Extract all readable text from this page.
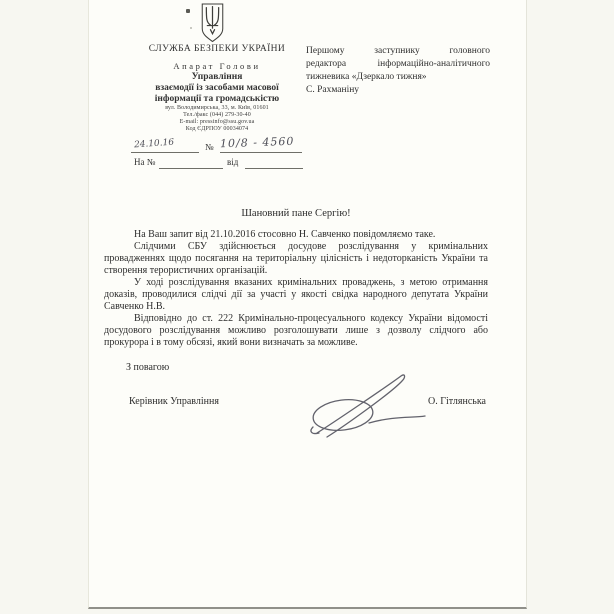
СЛУЖБА БЕЗПЕКИ УКРАЇНИ
Апарат Голови
Управління
взаємодії із засобами масової
інформації та громадськістю
вул. Володимирська, 33, м. Київ, 01601
Тел./факс (044) 279-30-40
E-mail: pressinfo@ssu.gov.ua
Код ЄДРПОУ 00034074
24.10.16	№ 10/8 - 4560
На №	від
Першому заступнику головного
редактора інформаційно-аналітичного
тижневика «Дзеркало тижня»
С. Рахманіну
Шановний пане Сергію!

На Ваш запит від 21.10.2016 стосовно Н. Савченко повідомляємо таке.

Слідчими СБУ здійснюється досудове розслідування у кримінальних провадженнях щодо посягання на територіальну цілісність і недоторканість України та створення терористичних організацій.

У ході розслідування вказаних кримінальних проваджень, з метою отримання доказів, проводилися слідчі дії за участі у якості свідка народного депутата України Савченко Н.В.

Відповідно до ст. 222 Кримінально-процесуального кодексу України відомості досудового розслідування можливо розголошувати лише з дозволу слідчого або прокурора і в тому обсязі, який вони визначать за можливе.

З повагою
Керівник Управління	О. Гітлянська
